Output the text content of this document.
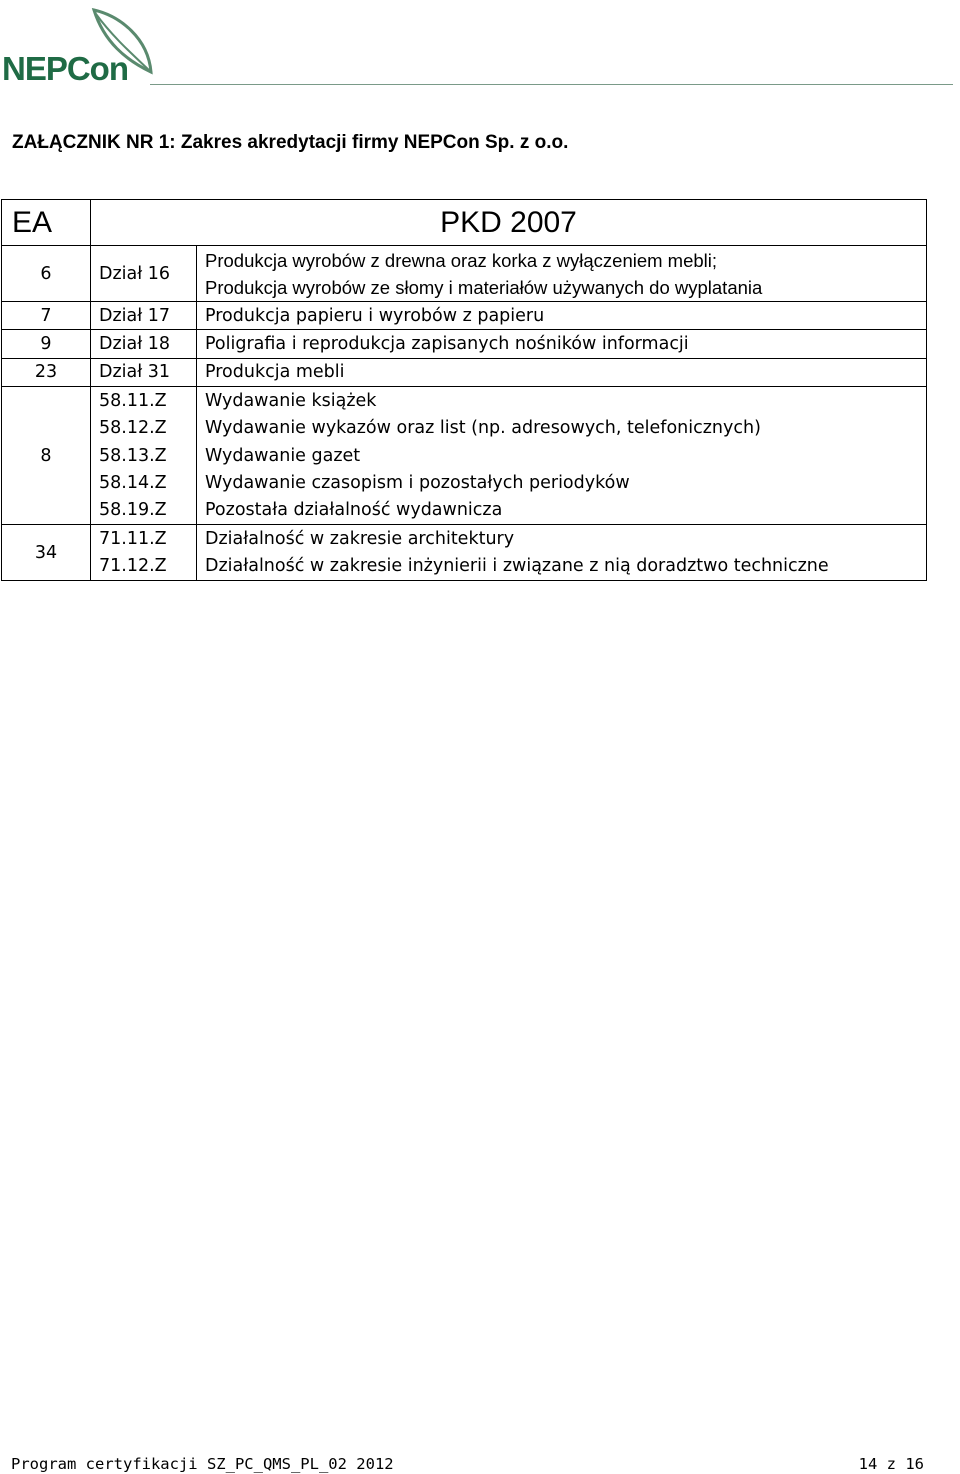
NEPCon
ZAŁĄCZNIK NR 1: Zakres akredytacji firmy NEPCon Sp. z o.o.
EA	PKD 2007	
6	Dział 16	Produkcja wyrobów z drewna oraz korka z wyłączeniem mebli;
Produkcja wyrobów ze słomy i materiałów używanych do wyplatania

7	Dział 17	Produkcja papieru i wyrobów z papieru
9	Dział 18	Poligrafia i reprodukcja zapisanych nośników informacji
23	Dział 31	Produkcja mebli
8	58.11.Z	Wydawanie książek
	58.12.Z	Wydawanie wykazów oraz list (np. adresowych, telefonicznych)
	58.13.Z	Wydawanie gazet
	58.14.Z	Wydawanie czasopism i pozostałych periodyków
	58.19.Z	Pozostała działalność wydawnicza
34	71.11.Z	Działalność w zakresie architektury
	71.12.Z	Działalność w zakresie inżynierii i związane z nią doradztwo techniczne
Program certyfikacji SZ_PC_QMS_PL_02 2012	14 z 16
